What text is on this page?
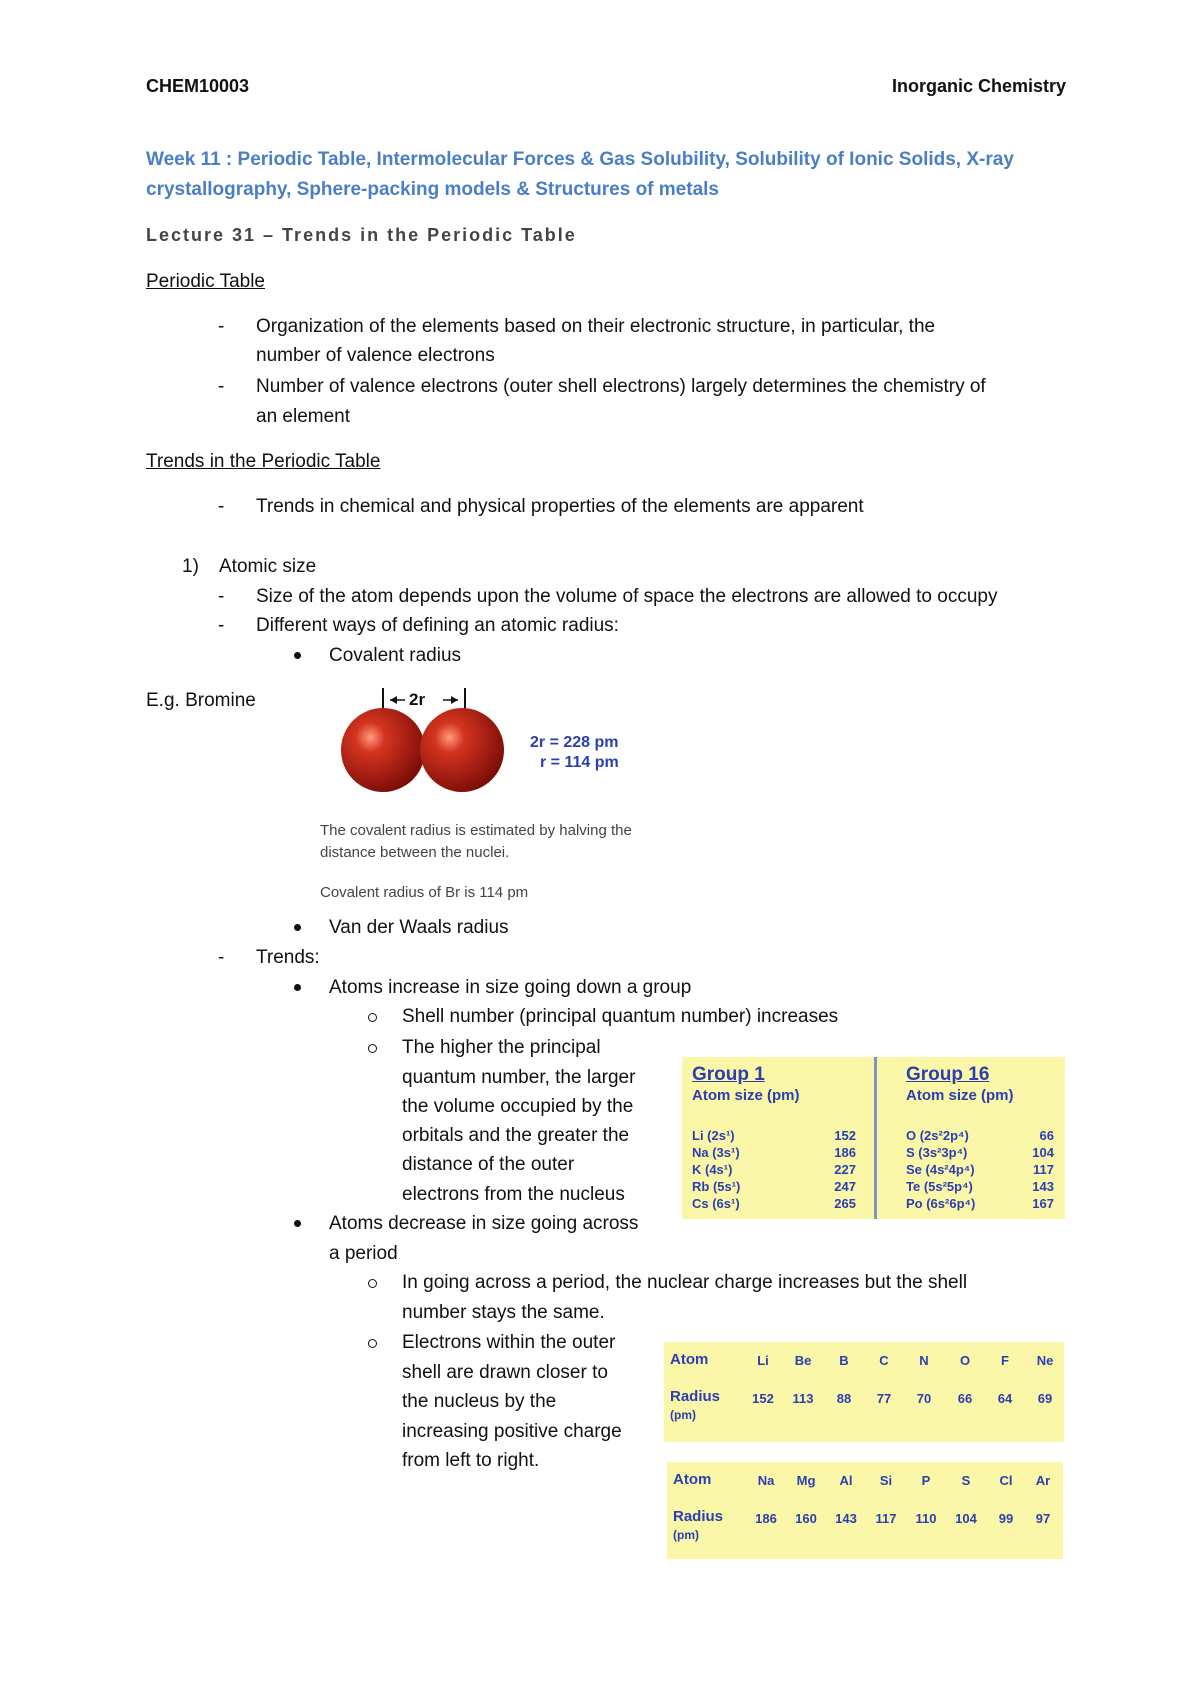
CHEM10003	Inorganic Chemistry
Week 11 : Periodic Table, Intermolecular Forces & Gas Solubility, Solubility of Ionic Solids, X-ray
crystallography, Sphere-packing models & Structures of metals
Lecture 31 – Trends in the Periodic Table
Periodic Table
- Organization of the elements based on their electronic structure, in particular, the
number of valence electrons
- Number of valence electrons (outer shell electrons) largely determines the chemistry of
an element
Trends in the Periodic Table
- Trends in chemical and physical properties of the elements are apparent
1) Atomic size
- Size of the atom depends upon the volume of space the electrons are allowed to occupy
- Different ways of defining an atomic radius:
Covalent radius
E.g. Bromine	2r
2r = 228 pm
r = 114 pm
The covalent radius is estimated by halving the
distance between the nuclei.
Covalent radius of Br is 114 pm
Van der Waals radius
- Trends:
Atoms increase in size going down a group
Shell number (principal quantum number) increases
The higher the principal
quantum number, the larger
the volume occupied by the
orbitals and the greater the
distance of the outer
electrons from the nucleus
Atoms decrease in size going across
a period
In going across a period, the nuclear charge increases but the shell
number stays the same.
Electrons within the outer
shell are drawn closer to
the nucleus by the
increasing positive charge
from left to right.
Group 1
Atom size (pm)
Group 16
Atom size (pm)
Li (2s¹)	152
Na (3s¹)	186
K (4s¹)	227
Rb (5s¹)	247
Cs (6s¹)	265
O (2s²2p⁴)	66
S (3s²3p⁴)	104
Se (4s²4p⁴)	117
Te (5s²5p⁴)	143
Po (6s²6p⁴)	167
Atom
Radius
(pm)
Li	Be	B	C	N	O	F	Ne
152	113	88	77	70	66	64	69
Atom
Radius
(pm)
Na	Mg	Al	Si	P	S	Cl	Ar
186	160	143	117	110	104	99	97
